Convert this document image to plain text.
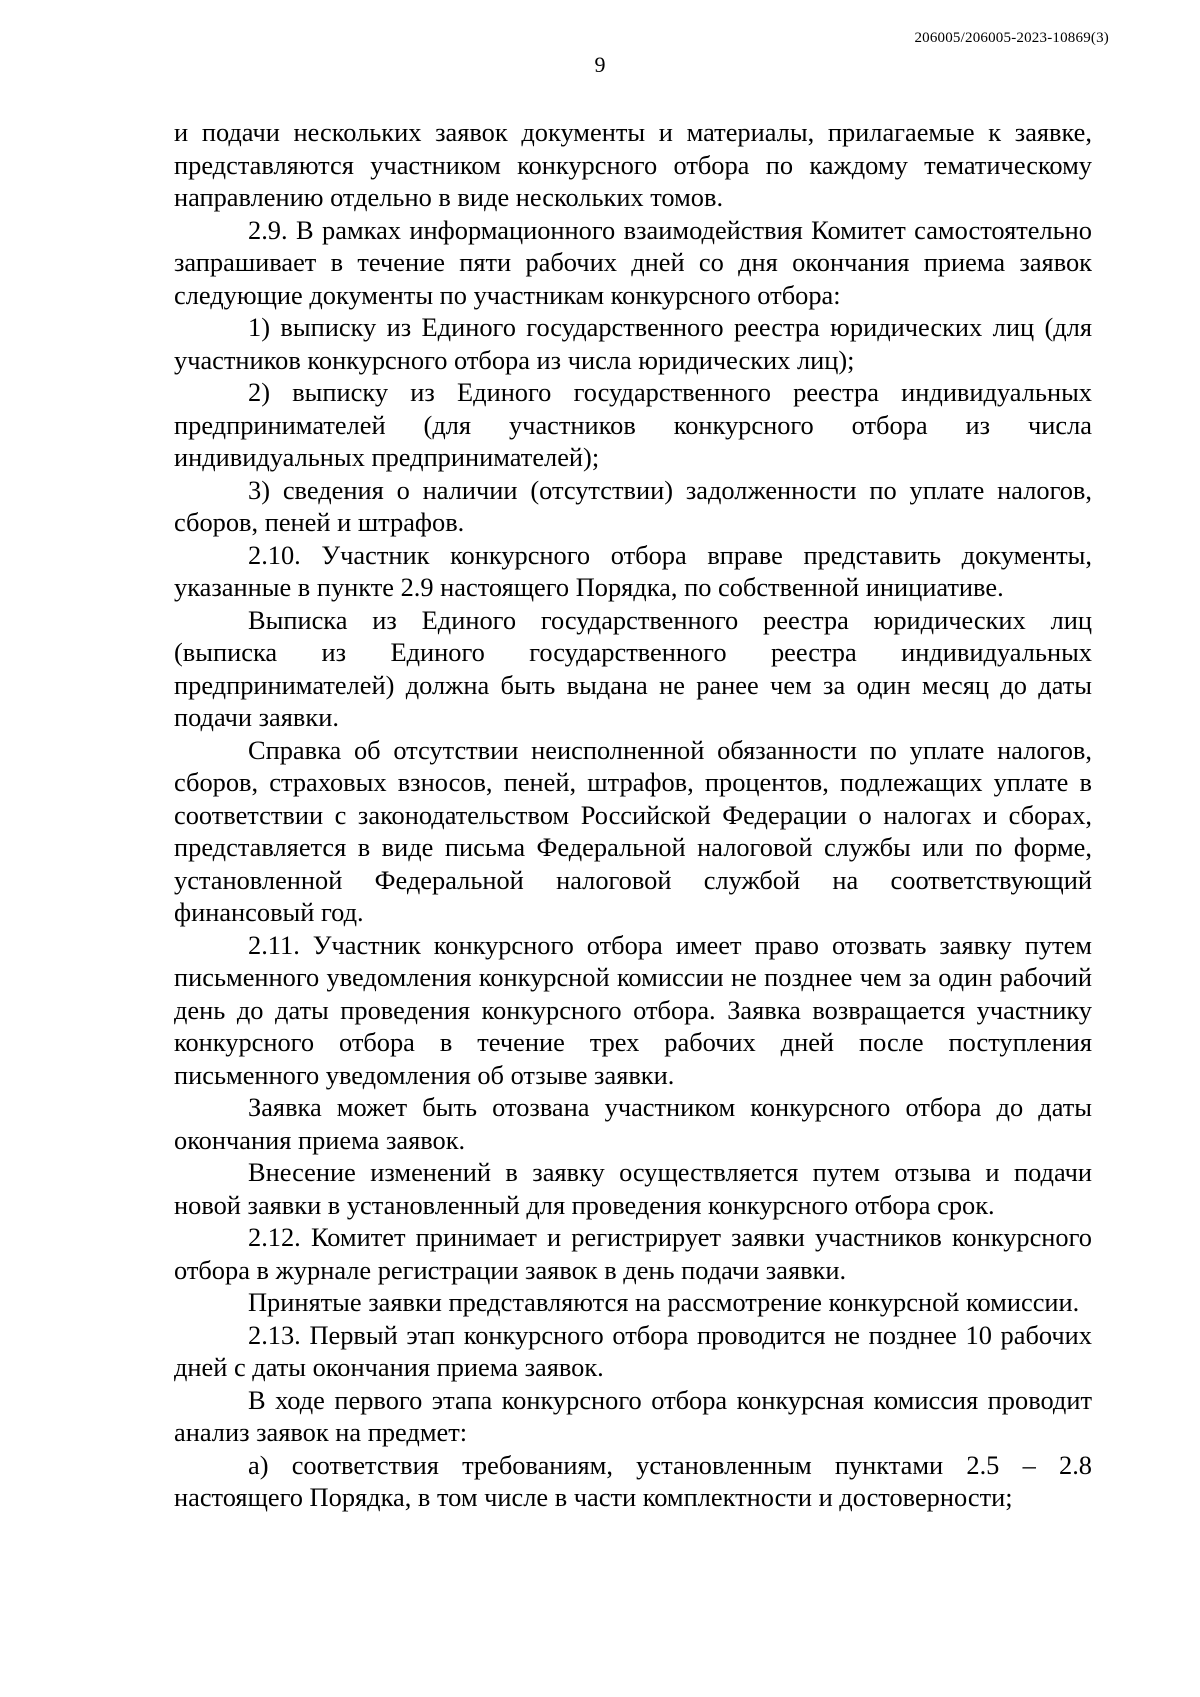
206005/206005-2023-10869(3)
9

и подачи нескольких заявок документы и материалы, прилагаемые к заявке, представляются участником конкурсного отбора по каждому тематическому направлению отдельно в виде нескольких томов.

2.9. В рамках информационного взаимодействия Комитет самостоятельно запрашивает в течение пяти рабочих дней со дня окончания приема заявок следующие документы по участникам конкурсного отбора:

1) выписку из Единого государственного реестра юридических лиц (для участников конкурсного отбора из числа юридических лиц);

2) выписку из Единого государственного реестра индивидуальных предпринимателей (для участников конкурсного отбора из числа индивидуальных предпринимателей);

3) сведения о наличии (отсутствии) задолженности по уплате налогов, сборов, пеней и штрафов.

2.10. Участник конкурсного отбора вправе представить документы, указанные в пункте 2.9 настоящего Порядка, по собственной инициативе.

Выписка из Единого государственного реестра юридических лиц (выписка из Единого государственного реестра индивидуальных предпринимателей) должна быть выдана не ранее чем за один месяц до даты подачи заявки.

Справка об отсутствии неисполненной обязанности по уплате налогов, сборов, страховых взносов, пеней, штрафов, процентов, подлежащих уплате в соответствии с законодательством Российской Федерации о налогах и сборах, представляется в виде письма Федеральной налоговой службы или по форме, установленной Федеральной налоговой службой на соответствующий финансовый год.

2.11. Участник конкурсного отбора имеет право отозвать заявку путем письменного уведомления конкурсной комиссии не позднее чем за один рабочий день до даты проведения конкурсного отбора. Заявка возвращается участнику конкурсного отбора в течение трех рабочих дней после поступления письменного уведомления об отзыве заявки.

Заявка может быть отозвана участником конкурсного отбора до даты окончания приема заявок.

Внесение изменений в заявку осуществляется путем отзыва и подачи новой заявки в установленный для проведения конкурсного отбора срок.

2.12. Комитет принимает и регистрирует заявки участников конкурсного отбора в журнале регистрации заявок в день подачи заявки.

Принятые заявки представляются на рассмотрение конкурсной комиссии.

2.13. Первый этап конкурсного отбора проводится не позднее 10 рабочих дней с даты окончания приема заявок.

В ходе первого этапа конкурсного отбора конкурсная комиссия проводит анализ заявок на предмет:

а) соответствия требованиям, установленным пунктами 2.5 – 2.8 настоящего Порядка, в том числе в части комплектности и достоверности;
